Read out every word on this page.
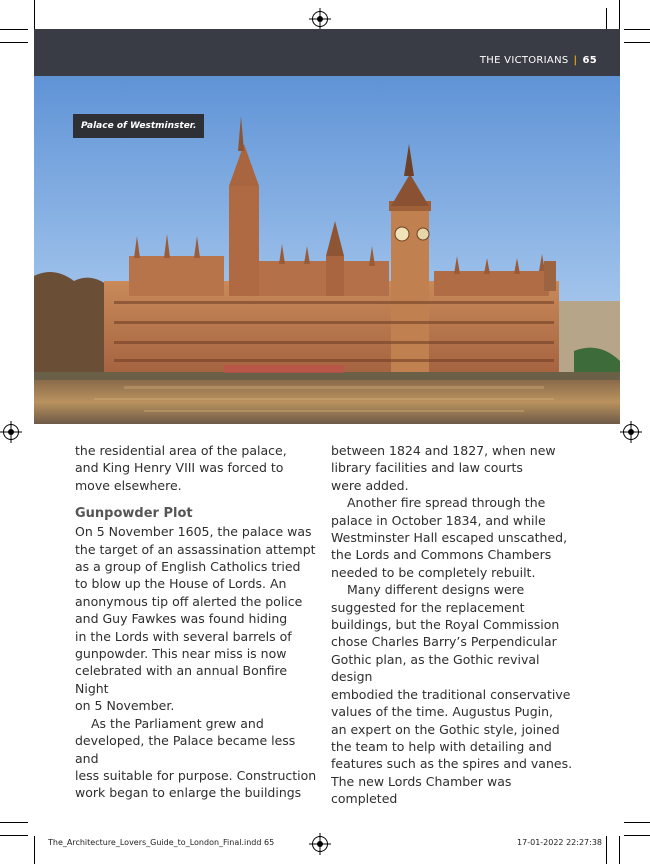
THE VICTORIANS | 65
Palace of Westminster.

the residential area of the palace,
and King Henry VIII was forced to
move elsewhere.

Gunpowder Plot

On 5 November 1605, the palace was
the target of an assassination attempt
as a group of English Catholics tried
to blow up the House of Lords. An
anonymous tip off alerted the police
and Guy Fawkes was found hiding
in the Lords with several barrels of
gunpowder. This near miss is now
celebrated with an annual Bonfire Night
on 5 November.

As the Parliament grew and
developed, the Palace became less and
less suitable for purpose. Construction
work began to enlarge the buildings

between 1824 and 1827, when new
library facilities and law courts
were added.

Another fire spread through the
palace in October 1834, and while
Westminster Hall escaped unscathed,
the Lords and Commons Chambers
needed to be completely rebuilt.

Many different designs were
suggested for the replacement
buildings, but the Royal Commission
chose Charles Barry’s Perpendicular
Gothic plan, as the Gothic revival design
embodied the traditional conservative
values of the time. Augustus Pugin,
an expert on the Gothic style, joined
the team to help with detailing and
features such as the spires and vanes.
The new Lords Chamber was completed

The_Architecture_Lovers_Guide_to_London_Final.indd 65	17-01-2022 22:27:38
